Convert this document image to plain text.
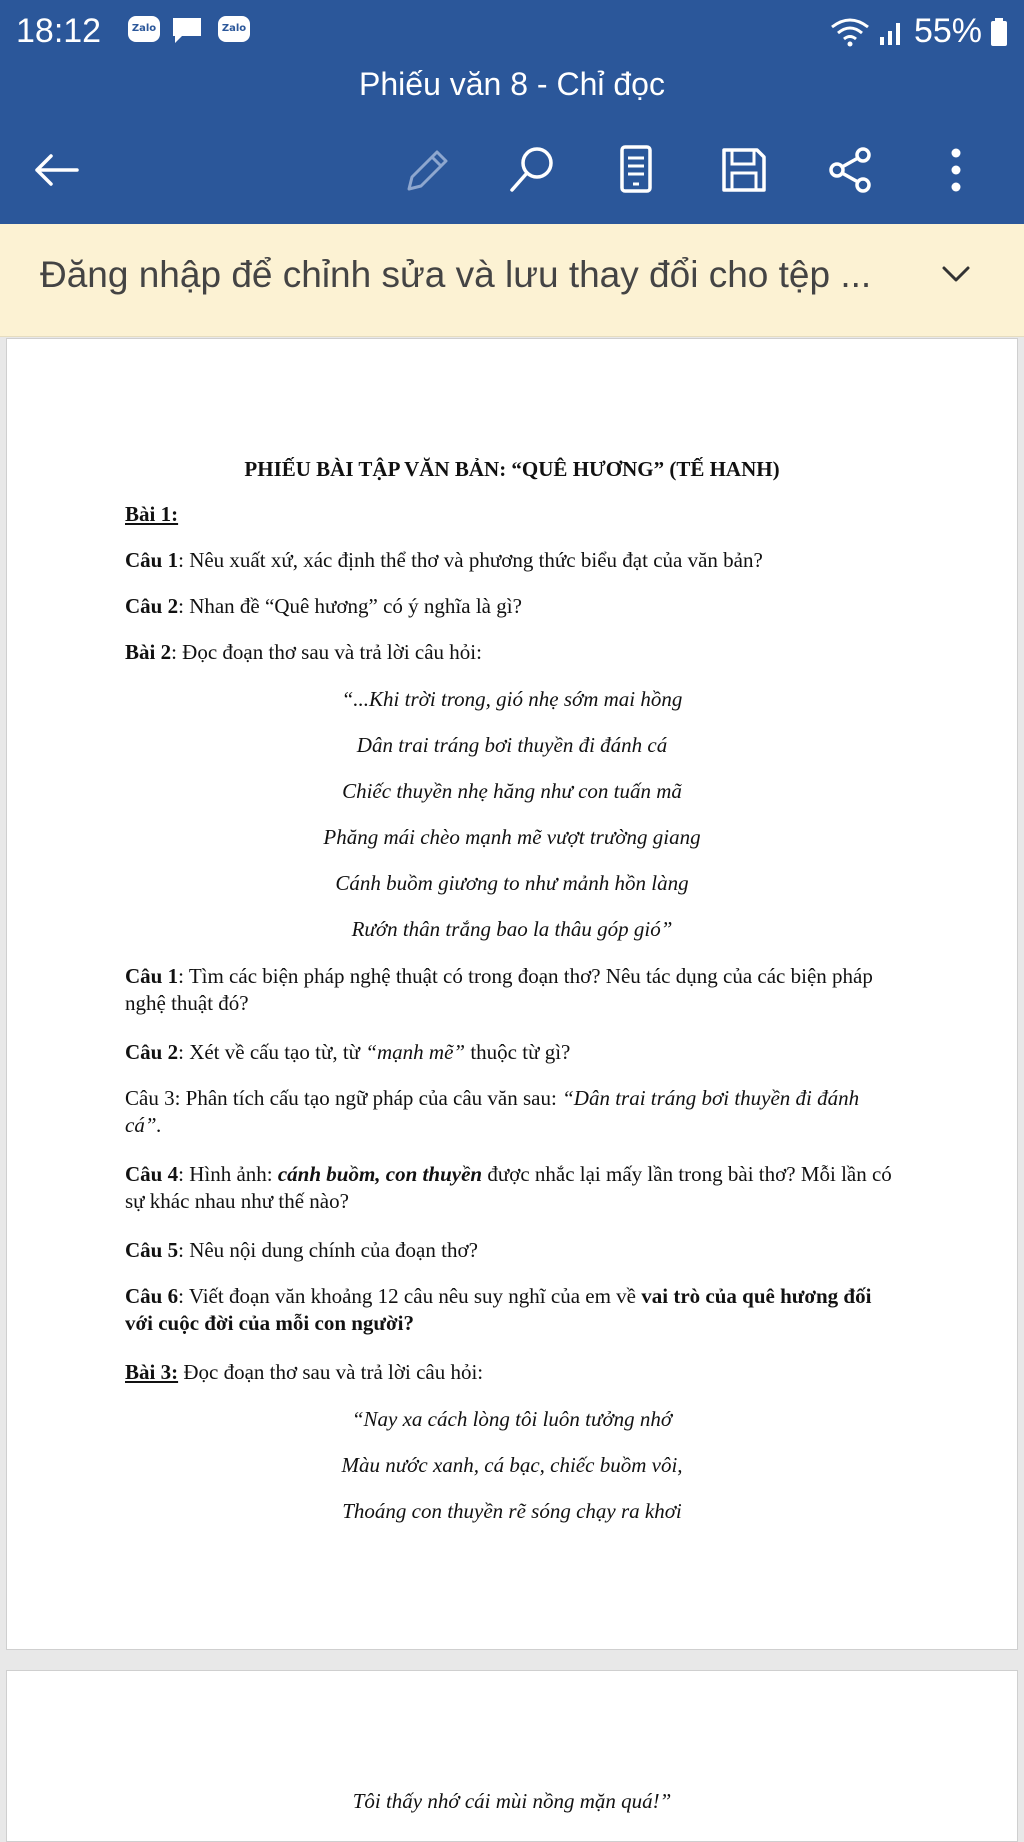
18:12	Zalo	Zalo	55%
Phiếu văn 8 - Chỉ đọc
Đăng nhập để chỉnh sửa và lưu thay đổi cho tệp ...
PHIẾU BÀI TẬP VĂN BẢN: “QUÊ HƯƠNG” (TẾ HANH)
Bài 1:
Câu 1: Nêu xuất xứ, xác định thể thơ và phương thức biểu đạt của văn bản?
Câu 2: Nhan đề “Quê hương” có ý nghĩa là gì?
Bài 2: Đọc đoạn thơ sau và trả lời câu hỏi:
“...Khi trời trong, gió nhẹ sớm mai hồng
Dân trai tráng bơi thuyền đi đánh cá
Chiếc thuyền nhẹ hăng như con tuấn mã
Phăng mái chèo mạnh mẽ vượt trường giang
Cánh buồm giương to như mảnh hồn làng
Rướn thân trắng bao la thâu góp gió”
Câu 1: Tìm các biện pháp nghệ thuật có trong đoạn thơ? Nêu tác dụng của các biện pháp nghệ thuật đó?
Câu 2: Xét về cấu tạo từ, từ “mạnh mẽ” thuộc từ gì?
Câu 3: Phân tích cấu tạo ngữ pháp của câu văn sau: “Dân trai tráng bơi thuyền đi đánh cá”.
Câu 4: Hình ảnh: cánh buồm, con thuyền được nhắc lại mấy lần trong bài thơ? Mỗi lần có sự khác nhau như thế nào?
Câu 5: Nêu nội dung chính của đoạn thơ?
Câu 6: Viết đoạn văn khoảng 12 câu nêu suy nghĩ của em về vai trò của quê hương đối với cuộc đời của mỗi con người?
Bài 3: Đọc đoạn thơ sau và trả lời câu hỏi:
“Nay xa cách lòng tôi luôn tưởng nhớ
Màu nước xanh, cá bạc, chiếc buồm vôi,
Thoáng con thuyền rẽ sóng chạy ra khơi
Tôi thấy nhớ cái mùi nồng mặn quá!”
